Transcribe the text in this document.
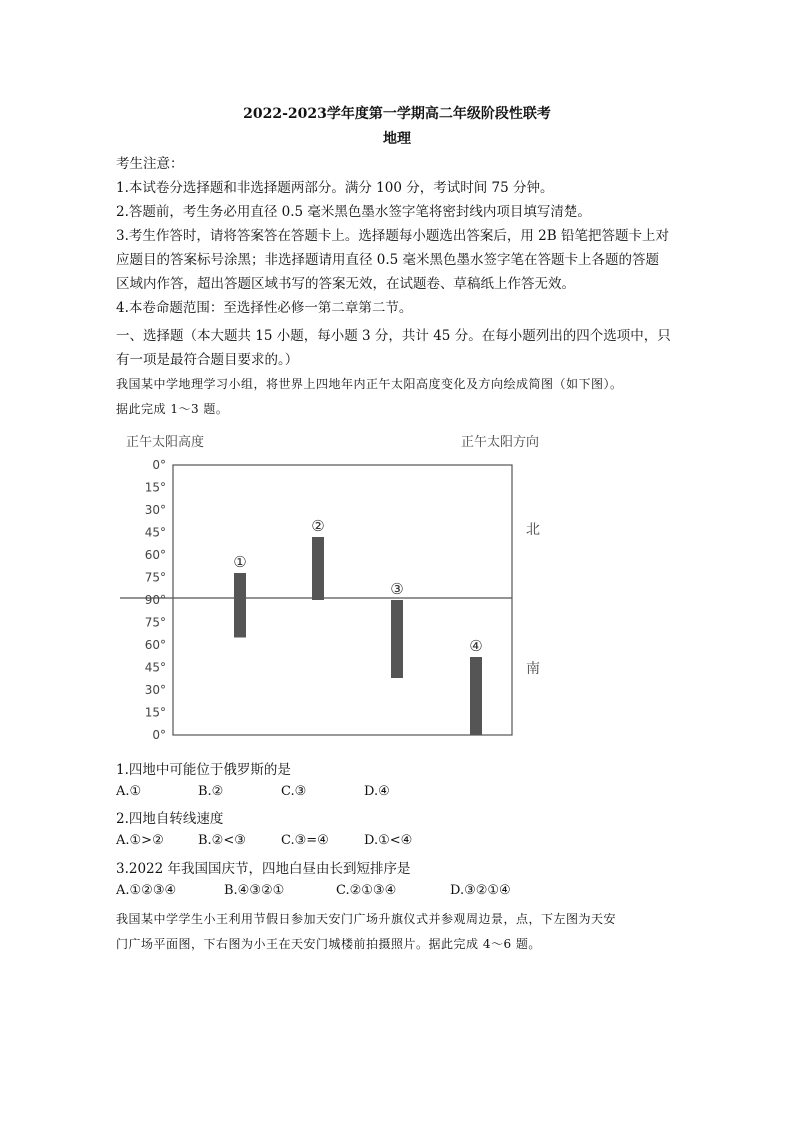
2022-2023学年度第一学期高二年级阶段性联考
地理
考生注意：
1.本试卷分选择题和非选择题两部分。满分 100 分，考试时间 75 分钟。
2.答题前，考生务必用直径 0.5 毫米黑色墨水签字笔将密封线内项目填写清楚。
3.考生作答时，请将答案答在答题卡上。选择题每小题选出答案后，用 2B 铅笔把答题卡上对
应题目的答案标号涂黑；非选择题请用直径 0.5 毫米黑色墨水签字笔在答题卡上各题的答题
区域内作答，超出答题区域书写的答案无效，在试题卷、草稿纸上作答无效。
4.本卷命题范围：至选择性必修一第二章第二节。
一、选择题（本大题共 15 小题，每小题 3 分，共计 45 分。在每小题列出的四个选项中，只
有一项是最符合题目要求的。）
我国某中学地理学习小组，将世界上四地年内正午太阳高度变化及方向绘成简图（如下图）。
据此完成 1～3 题。
正午太阳高度	正午太阳方向
0°
15°
30°
45°
60°
75°
90°
75°
60°
45°
30°
15°
0°
①
②
③
④
北
南
1.四地中可能位于俄罗斯的是
A.①	B.②	C.③	D.④
2.四地自转线速度
A.①>②	B.②<③	C.③=④	D.①<④
3.2022 年我国国庆节，四地白昼由长到短排序是
A.①②③④	B.④③②①	C.②①③④	D.③②①④
我国某中学学生小王利用节假日参加天安门广场升旗仪式并参观周边景，点，下左图为天安
门广场平面图，下右图为小王在天安门城楼前拍摄照片。据此完成 4～6 题。
